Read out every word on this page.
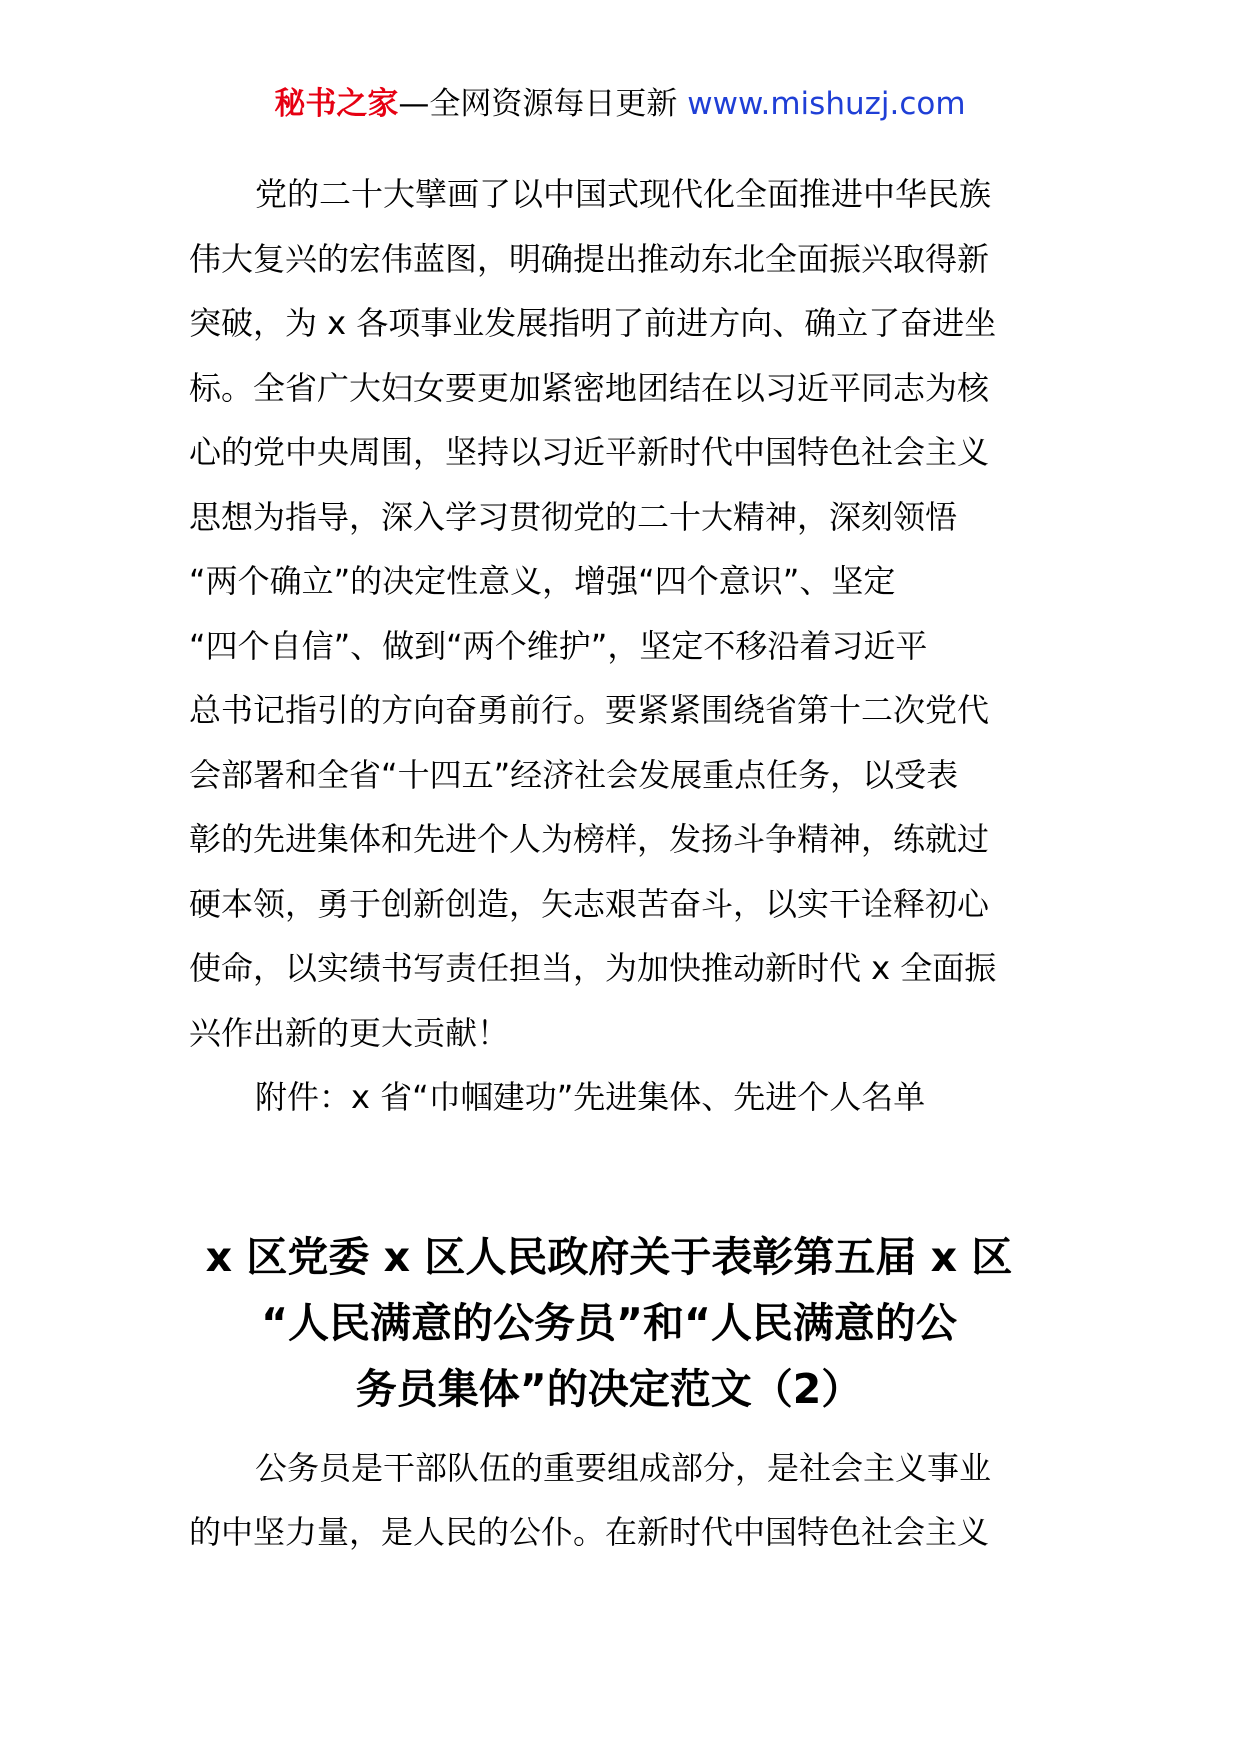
秘书之家—全网资源每日更新 www.mishuzj.com
党的二十大擘画了以中国式现代化全面推进中华民族
伟大复兴的宏伟蓝图，明确提出推动东北全面振兴取得新
突破，为 x 各项事业发展指明了前进方向、确立了奋进坐
标。全省广大妇女要更加紧密地团结在以习近平同志为核
心的党中央周围，坚持以习近平新时代中国特色社会主义
思想为指导，深入学习贯彻党的二十大精神，深刻领悟
“两个确立”的决定性意义，增强“四个意识”、坚定
“四个自信”、做到“两个维护”，坚定不移沿着习近平
总书记指引的方向奋勇前行。要紧紧围绕省第十二次党代
会部署和全省“十四五”经济社会发展重点任务，以受表
彰的先进集体和先进个人为榜样，发扬斗争精神，练就过
硬本领，勇于创新创造，矢志艰苦奋斗，以实干诠释初心
使命，以实绩书写责任担当，为加快推动新时代 x 全面振
兴作出新的更大贡献！
附件：x 省“巾帼建功”先进集体、先进个人名单
x 区党委 x 区人民政府关于表彰第五届 x 区
“人民满意的公务员”和“人民满意的公
务员集体”的决定范文（2）
公务员是干部队伍的重要组成部分，是社会主义事业
的中坚力量，是人民的公仆。在新时代中国特色社会主义
